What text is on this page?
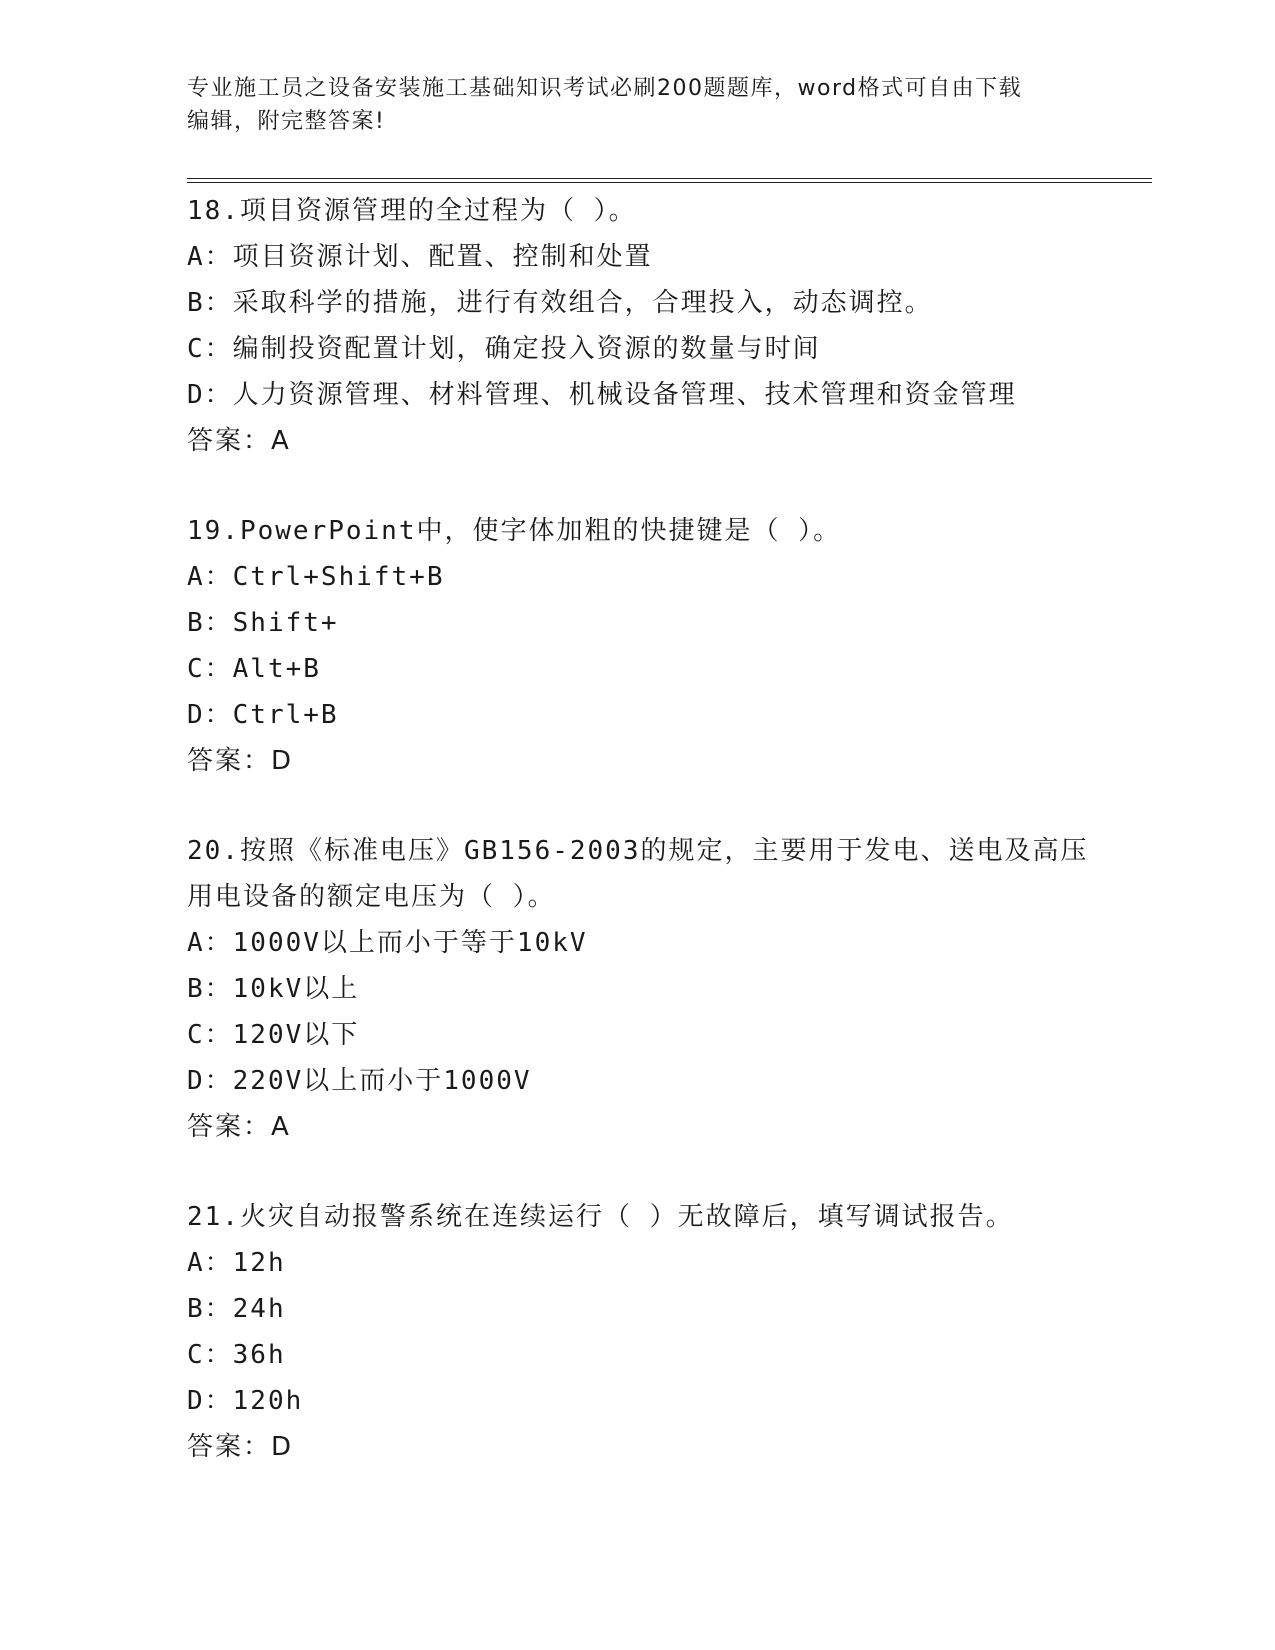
专业施工员之设备安装施工基础知识考试必刷200题题库，word格式可自由下载
编辑，附完整答案!
18.项目资源管理的全过程为（ ）。
A：项目资源计划、配置、控制和处置
B：采取科学的措施，进行有效组合，合理投入，动态调控。
C：编制投资配置计划，确定投入资源的数量与时间
D：人力资源管理、材料管理、机械设备管理、技术管理和资金管理
答案：A
19.PowerPoint中，使字体加粗的快捷键是（ ）。
A：Ctrl+Shift+B
B：Shift+
C：Alt+B
D：Ctrl+B
答案：D
20.按照《标准电压》GB156-2003的规定，主要用于发电、送电及高压
用电设备的额定电压为（ ）。
A：1000V以上而小于等于10kV
B：10kV以上
C：120V以下
D：220V以上而小于1000V
答案：A
21.火灾自动报警系统在连续运行（ ）无故障后，填写调试报告。
A：12h
B：24h
C：36h
D：120h
答案：D
